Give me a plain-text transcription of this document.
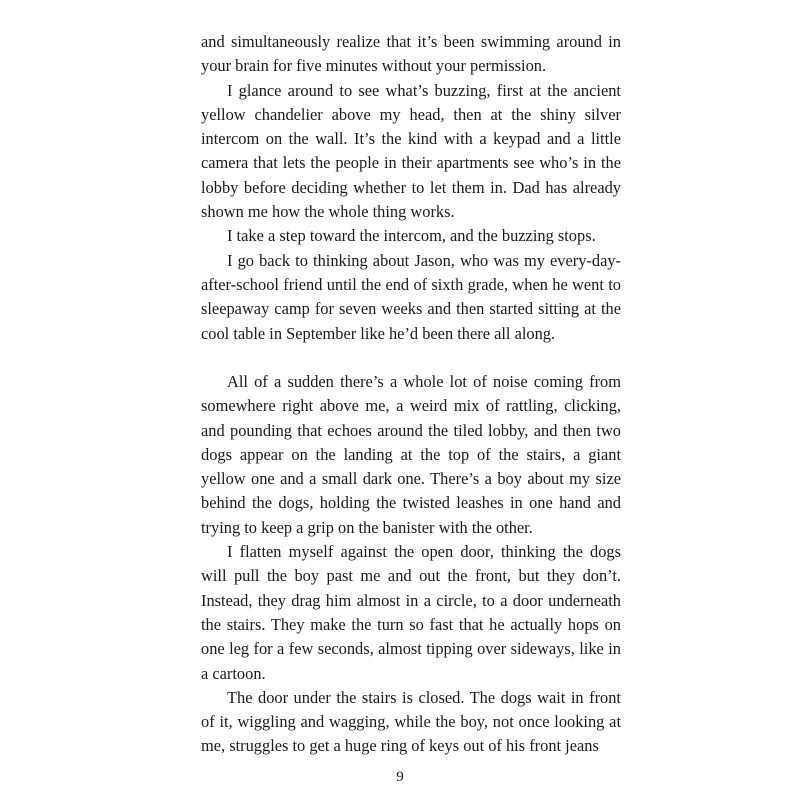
and simultaneously realize that it’s been swimming around in your brain for five minutes without your permission.

I glance around to see what’s buzzing, first at the ancient yellow chandelier above my head, then at the shiny silver intercom on the wall. It’s the kind with a keypad and a little camera that lets the people in their apartments see who’s in the lobby before deciding whether to let them in. Dad has already shown me how the whole thing works.

I take a step toward the intercom, and the buzzing stops.

I go back to thinking about Jason, who was my every-day-after-school friend until the end of sixth grade, when he went to sleepaway camp for seven weeks and then started sitting at the cool table in September like he’d been there all along.

All of a sudden there’s a whole lot of noise coming from somewhere right above me, a weird mix of rattling, clicking, and pounding that echoes around the tiled lobby, and then two dogs appear on the landing at the top of the stairs, a giant yellow one and a small dark one. There’s a boy about my size behind the dogs, holding the twisted leashes in one hand and trying to keep a grip on the banister with the other.

I flatten myself against the open door, thinking the dogs will pull the boy past me and out the front, but they don’t. Instead, they drag him almost in a circle, to a door underneath the stairs. They make the turn so fast that he actually hops on one leg for a few seconds, almost tipping over sideways, like in a cartoon.

The door under the stairs is closed. The dogs wait in front of it, wiggling and wagging, while the boy, not once looking at me, struggles to get a huge ring of keys out of his front jeans

9
